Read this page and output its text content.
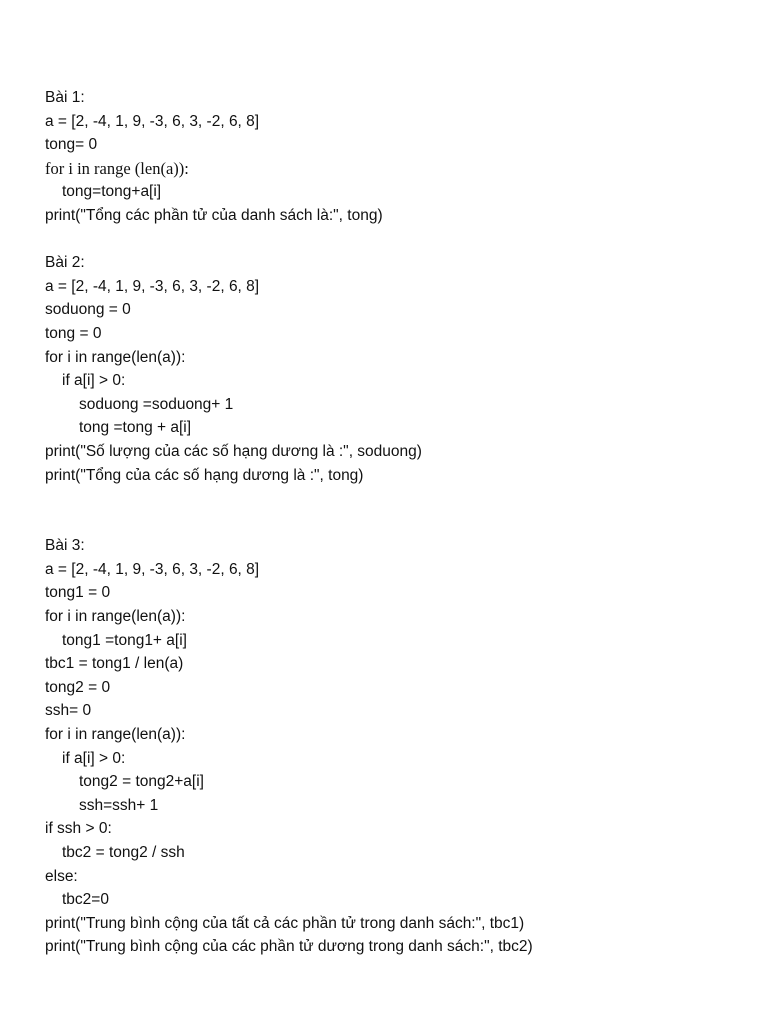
Bài 1:
a = [2, -4, 1, 9, -3, 6, 3, -2, 6, 8]
tong= 0
for i in range (len(a)):
tong=tong+a[i]
print("Tổng các phần tử của danh sách là:", tong)
Bài 2:
a = [2, -4, 1, 9, -3, 6, 3, -2, 6, 8]
soduong = 0
tong = 0
for i in range(len(a)):
if a[i] > 0:
soduong =soduong+ 1
tong =tong + a[i]
print("Số lượng của các số hạng dương là :", soduong)
print("Tổng của các số hạng dương là :", tong)
Bài 3:
a = [2, -4, 1, 9, -3, 6, 3, -2, 6, 8]
tong1 = 0
for i in range(len(a)):
tong1 =tong1+ a[i]
tbc1 = tong1 / len(a)
tong2 = 0
ssh= 0
for i in range(len(a)):
if a[i] > 0:
tong2 = tong2+a[i]
ssh=ssh+ 1
if ssh > 0:
tbc2 = tong2 / ssh
else:
tbc2=0
print("Trung bình cộng của tất cả các phần tử trong danh sách:", tbc1)
print("Trung bình cộng của các phần tử dương trong danh sách:", tbc2)
